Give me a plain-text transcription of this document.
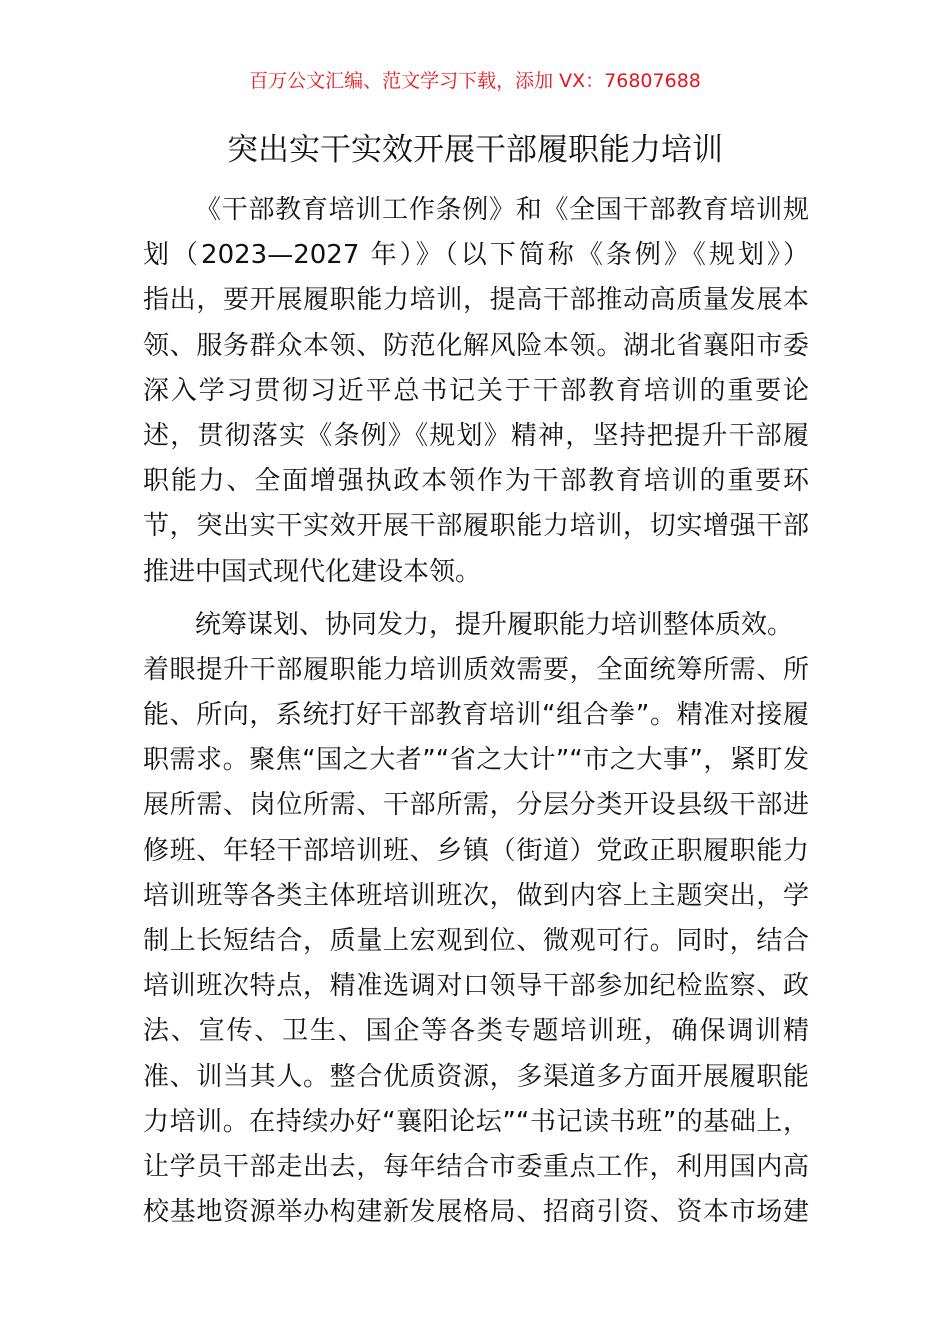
百万公文汇编、范文学习下载，添加 VX：76807688
突出实干实效开展干部履职能力培训
《干部教育培训工作条例》和《全国干部教育培训规
划（2023—2027 年）》（以下简称《条例》《规划》）
指出，要开展履职能力培训，提高干部推动高质量发展本
领、服务群众本领、防范化解风险本领。湖北省襄阳市委
深入学习贯彻习近平总书记关于干部教育培训的重要论
述，贯彻落实《条例》《规划》精神，坚持把提升干部履
职能力、全面增强执政本领作为干部教育培训的重要环
节，突出实干实效开展干部履职能力培训，切实增强干部
推进中国式现代化建设本领。
统筹谋划、协同发力，提升履职能力培训整体质效。
着眼提升干部履职能力培训质效需要，全面统筹所需、所
能、所向，系统打好干部教育培训“组合拳”。精准对接履
职需求。聚焦“国之大者”“省之大计”“市之大事”，紧盯发
展所需、岗位所需、干部所需，分层分类开设县级干部进
修班、年轻干部培训班、乡镇（街道）党政正职履职能力
培训班等各类主体班培训班次，做到内容上主题突出，学
制上长短结合，质量上宏观到位、微观可行。同时，结合
培训班次特点，精准选调对口领导干部参加纪检监察、政
法、宣传、卫生、国企等各类专题培训班，确保调训精
准、训当其人。整合优质资源，多渠道多方面开展履职能
力培训。在持续办好“襄阳论坛”“书记读书班”的基础上，
让学员干部走出去，每年结合市委重点工作，利用国内高
校基地资源举办构建新发展格局、招商引资、资本市场建
